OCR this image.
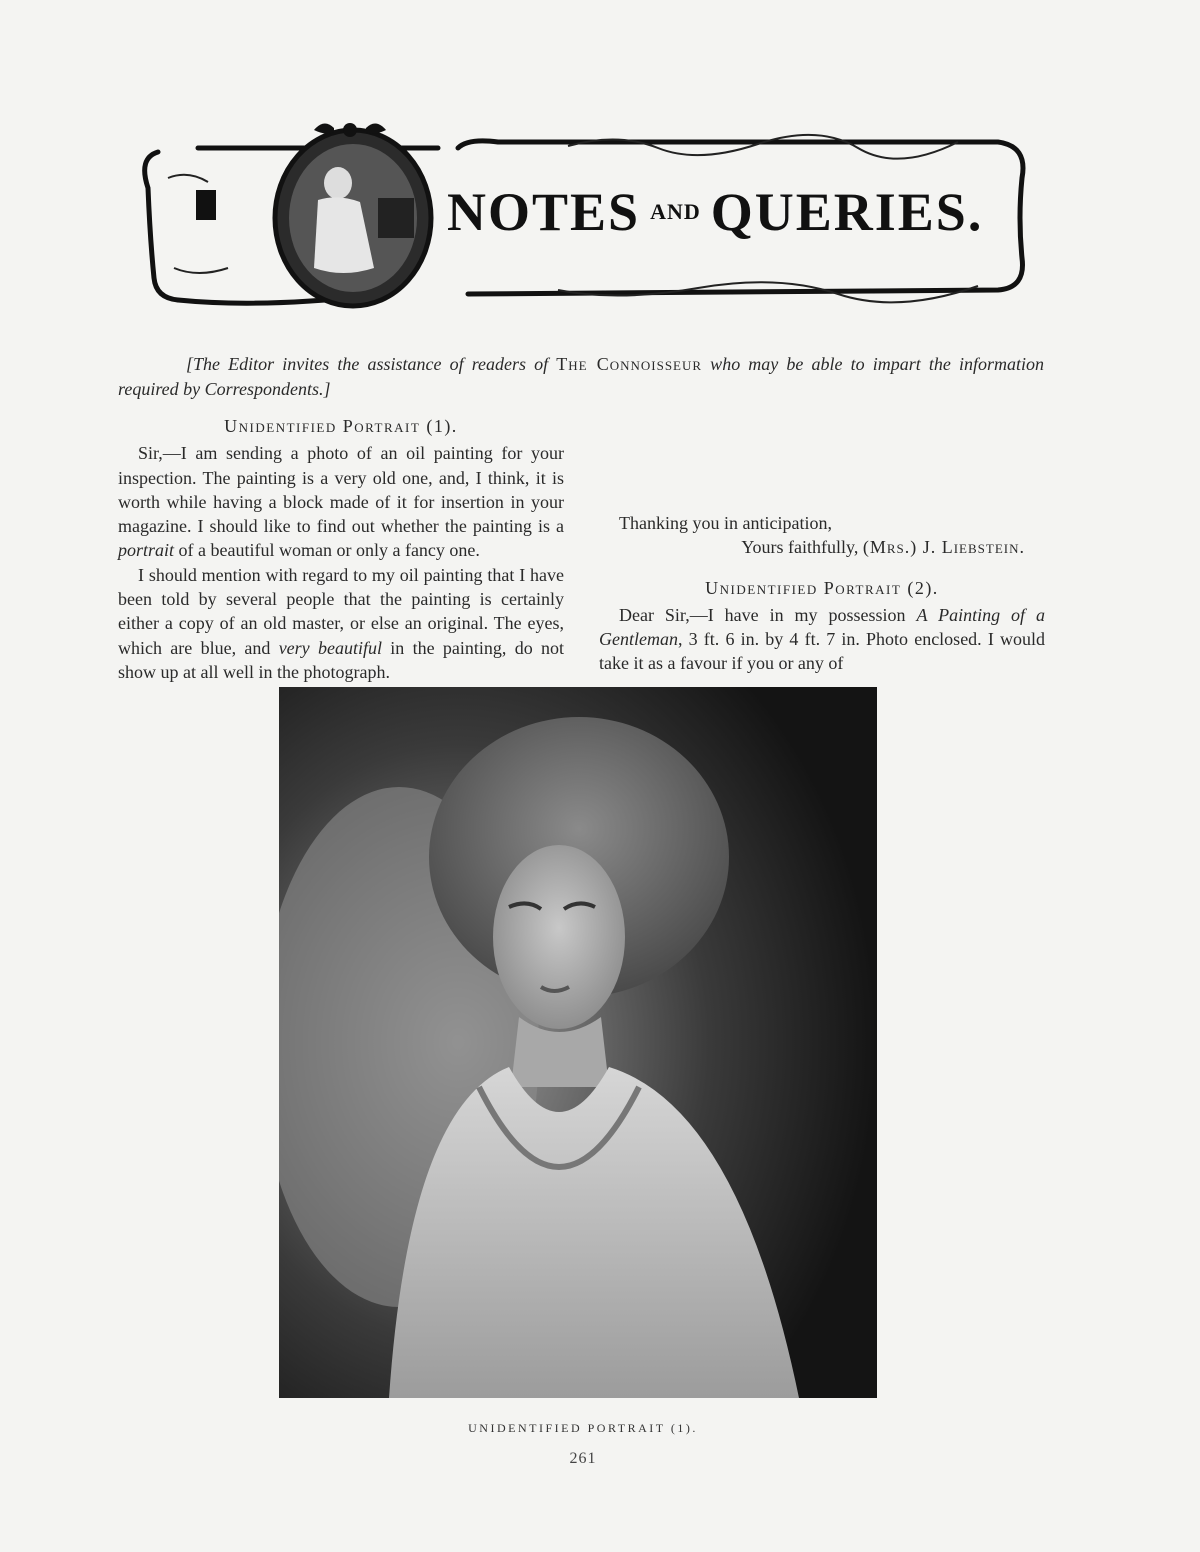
NOTES AND QUERIES.
[The Editor invites the assistance of readers of The Connoisseur who may be able to impart the information required by Correspondents.]

Unidentified Portrait (1).

Sir,—I am sending a photo of an oil painting for your inspection. The painting is a very old one, and, I think, it is worth while having a block made of it for insertion in your magazine. I should like to find out whether the painting is a portrait of a beautiful woman or only a fancy one.

I should mention with regard to my oil painting that I have been told by several people that the painting is certainly either a copy of an old master, or else an original. The eyes, which are blue, and very beautiful in the painting, do not show up at all well in the photograph.

Thanking you in anticipation,

Yours faithfully, (Mrs.) J. Liebstein.

Unidentified Portrait (2).

Dear Sir,—I have in my possession A Painting of a Gentleman, 3 ft. 6 in. by 4 ft. 7 in. Photo enclosed. I would take it as a favour if you or any of

UNIDENTIFIED PORTRAIT (1).
261
